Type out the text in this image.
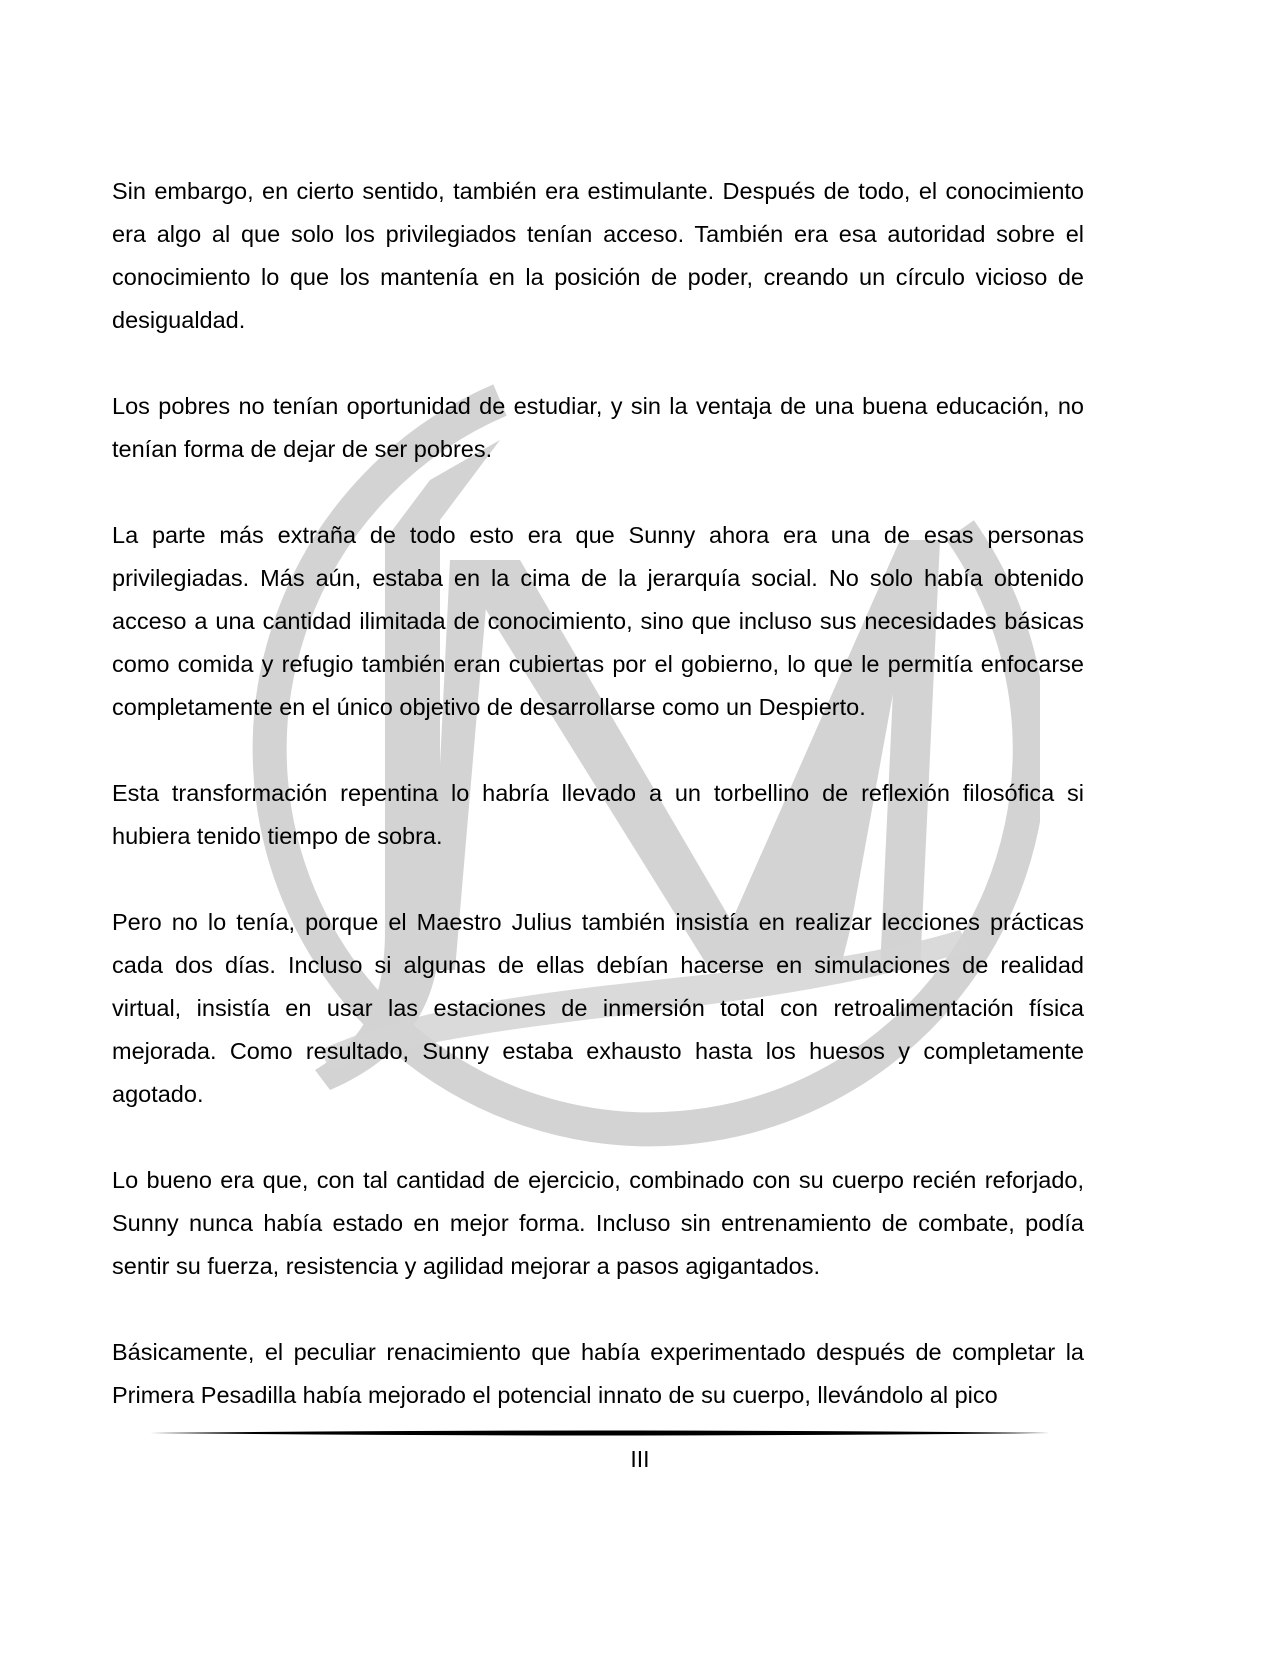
Sin embargo, en cierto sentido, también era estimulante. Después de todo, el conocimiento era algo al que solo los privilegiados tenían acceso. También era esa autoridad sobre el conocimiento lo que los mantenía en la posición de poder, creando un círculo vicioso de desigualdad.

Los pobres no tenían oportunidad de estudiar, y sin la ventaja de una buena educación, no tenían forma de dejar de ser pobres.

La parte más extraña de todo esto era que Sunny ahora era una de esas personas privilegiadas. Más aún, estaba en la cima de la jerarquía social. No solo había obtenido acceso a una cantidad ilimitada de conocimiento, sino que incluso sus necesidades básicas como comida y refugio también eran cubiertas por el gobierno, lo que le permitía enfocarse completamente en el único objetivo de desarrollarse como un Despierto.

Esta transformación repentina lo habría llevado a un torbellino de reflexión filosófica si hubiera tenido tiempo de sobra.

Pero no lo tenía, porque el Maestro Julius también insistía en realizar lecciones prácticas cada dos días. Incluso si algunas de ellas debían hacerse en simulaciones de realidad virtual, insistía en usar las estaciones de inmersión total con retroalimentación física mejorada. Como resultado, Sunny estaba exhausto hasta los huesos y completamente agotado.

Lo bueno era que, con tal cantidad de ejercicio, combinado con su cuerpo recién reforjado, Sunny nunca había estado en mejor forma. Incluso sin entrenamiento de combate, podía sentir su fuerza, resistencia y agilidad mejorar a pasos agigantados.

Básicamente, el peculiar renacimiento que había experimentado después de completar la Primera Pesadilla había mejorado el potencial innato de su cuerpo, llevándolo al pico

III
